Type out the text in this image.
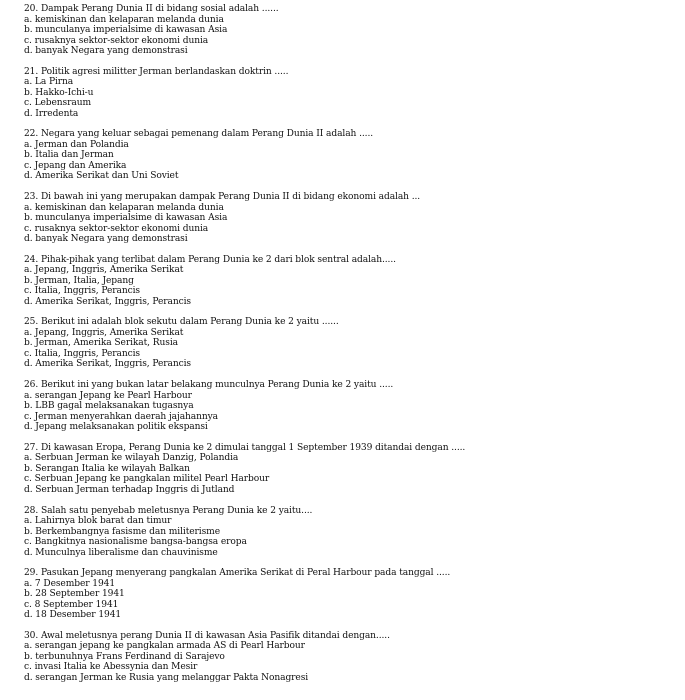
20. Dampak Perang Dunia II di bidang sosial adalah ......
a. kemiskinan dan kelaparan melanda dunia
b. munculanya imperialsime di kawasan Asia
c. rusaknya sektor-sektor ekonomi dunia
d. banyak Negara yang demonstrasi
21. Politik agresi militter Jerman berlandaskan doktrin .....
a. La Pirna
b. Hakko-Ichi-u
c. Lebensraum
d. Irredenta
22. Negara yang keluar sebagai pemenang dalam Perang Dunia II adalah .....
a. Jerman dan Polandia
b. Italia dan Jerman
c. Jepang dan Amerika
d. Amerika Serikat dan Uni Soviet
23. Di bawah ini yang merupakan dampak Perang Dunia II di bidang ekonomi adalah ...
a. kemiskinan dan kelaparan melanda dunia
b. munculanya imperialsime di kawasan Asia
c. rusaknya sektor-sektor ekonomi dunia
d. banyak Negara yang demonstrasi
24. Pihak-pihak yang terlibat dalam Perang Dunia ke 2 dari blok sentral adalah.....
a. Jepang, Inggris, Amerika Serikat
b. Jerman, Italia, Jepang
c. Italia, Inggris, Perancis
d. Amerika Serikat, Inggris, Perancis
25. Berikut ini adalah blok sekutu dalam Perang Dunia ke 2 yaitu ......
a. Jepang, Inggris, Amerika Serikat
b. Jerman, Amerika Serikat, Rusia
c. Italia, Inggris, Perancis
d. Amerika Serikat, Inggris, Perancis
26. Berikut ini yang bukan latar belakang munculnya Perang Dunia ke 2 yaitu .....
a. serangan Jepang ke Pearl Harbour
b. LBB gagal melaksanakan tugasnya
c. Jerman menyerahkan daerah jajahannya
d. Jepang melaksanakan politik ekspansi
27. Di kawasan Eropa, Perang Dunia ke 2 dimulai tanggal 1 September 1939 ditandai dengan .....
a. Serbuan Jerman ke wilayah Danzig, Polandia
b. Serangan Italia ke wilayah Balkan
c. Serbuan Jepang ke pangkalan militel Pearl Harbour
d. Serbuan Jerman terhadap Inggris di Jutland
28. Salah satu penyebab meletusnya Perang Dunia ke 2 yaitu....
a. Lahirnya blok barat dan timur
b. Berkembangnya fasisme dan militerisme
c. Bangkitnya nasionalisme bangsa-bangsa eropa
d. Munculnya liberalisme dan chauvinisme
29. Pasukan Jepang menyerang pangkalan Amerika Serikat di Peral Harbour pada tanggal .....
a. 7 Desember 1941
b. 28 September 1941
c. 8 September 1941
d. 18 Desember 1941
30. Awal meletusnya perang Dunia II di kawasan Asia Pasifik ditandai dengan.....
a. serangan jepang ke pangkalan armada AS di Pearl Harbour
b. terbunuhnya Frans Ferdinand di Sarajevo
c. invasi Italia ke Abessynia dan Mesir
d. serangan Jerman ke Rusia yang melanggar Pakta Nonagresi
